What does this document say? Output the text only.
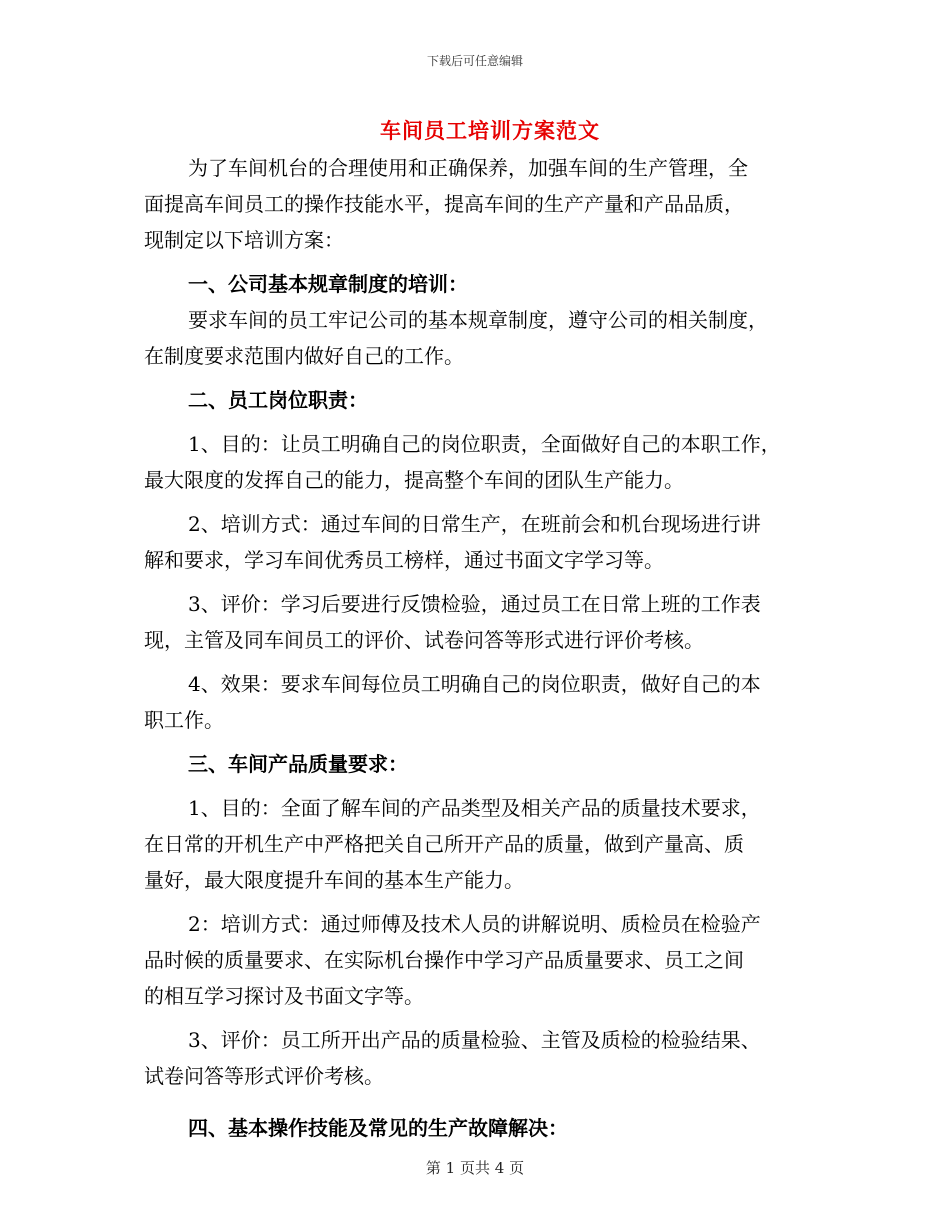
下载后可任意编辑
车间员工培训方案范文
为了车间机台的合理使用和正确保养，加强车间的生产管理，全
面提高车间员工的操作技能水平，提高车间的生产产量和产品品质，
现制定以下培训方案：
一、公司基本规章制度的培训：
要求车间的员工牢记公司的基本规章制度，遵守公司的相关制度，
在制度要求范围内做好自己的工作。
二、员工岗位职责：
1、目的：让员工明确自己的岗位职责，全面做好自己的本职工作，
最大限度的发挥自己的能力，提高整个车间的团队生产能力。
2、培训方式：通过车间的日常生产，在班前会和机台现场进行讲
解和要求，学习车间优秀员工榜样，通过书面文字学习等。
3、评价：学习后要进行反馈检验，通过员工在日常上班的工作表
现，主管及同车间员工的评价、试卷问答等形式进行评价考核。
4、效果：要求车间每位员工明确自己的岗位职责，做好自己的本
职工作。
三、车间产品质量要求：
1、目的：全面了解车间的产品类型及相关产品的质量技术要求，
在日常的开机生产中严格把关自己所开产品的质量，做到产量高、质
量好，最大限度提升车间的基本生产能力。
2：培训方式：通过师傅及技术人员的讲解说明、质检员在检验产
品时候的质量要求、在实际机台操作中学习产品质量要求、员工之间
的相互学习探讨及书面文字等。
3、评价：员工所开出产品的质量检验、主管及质检的检验结果、
试卷问答等形式评价考核。
四、基本操作技能及常见的生产故障解决：
第 1 页共 4 页
